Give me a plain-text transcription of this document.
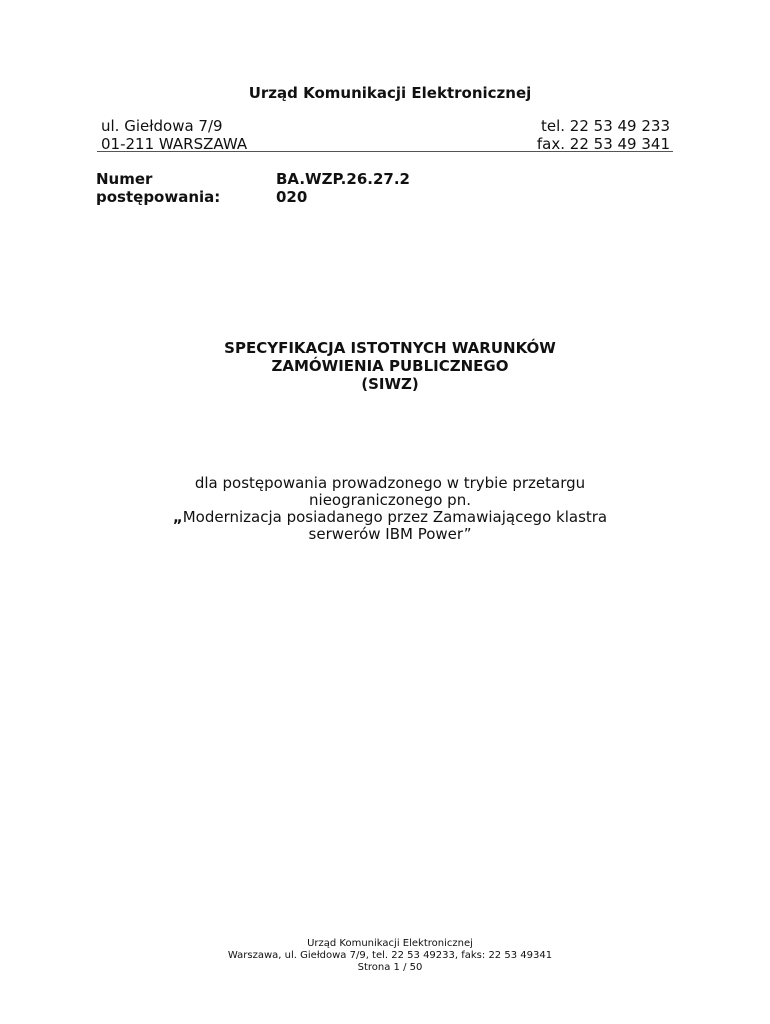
Urząd Komunikacji Elektronicznej
ul. Giełdowa 7/9
01-211 WARSZAWA
tel. 22 53 49 233
fax. 22 53 49 341
Numer
postępowania:
BA.WZP.26.27.2
020
SPECYFIKACJA ISTOTNYCH WARUNKÓW
ZAMÓWIENIA PUBLICZNEGO
(SIWZ)
dla postępowania prowadzonego w trybie przetargu
nieograniczonego pn.
„Modernizacja posiadanego przez Zamawiającego klastra
serwerów IBM Power”
Urząd Komunikacji Elektronicznej
Warszawa, ul. Giełdowa 7/9, tel. 22 53 49233, faks: 22 53 49341
Strona 1 / 50
